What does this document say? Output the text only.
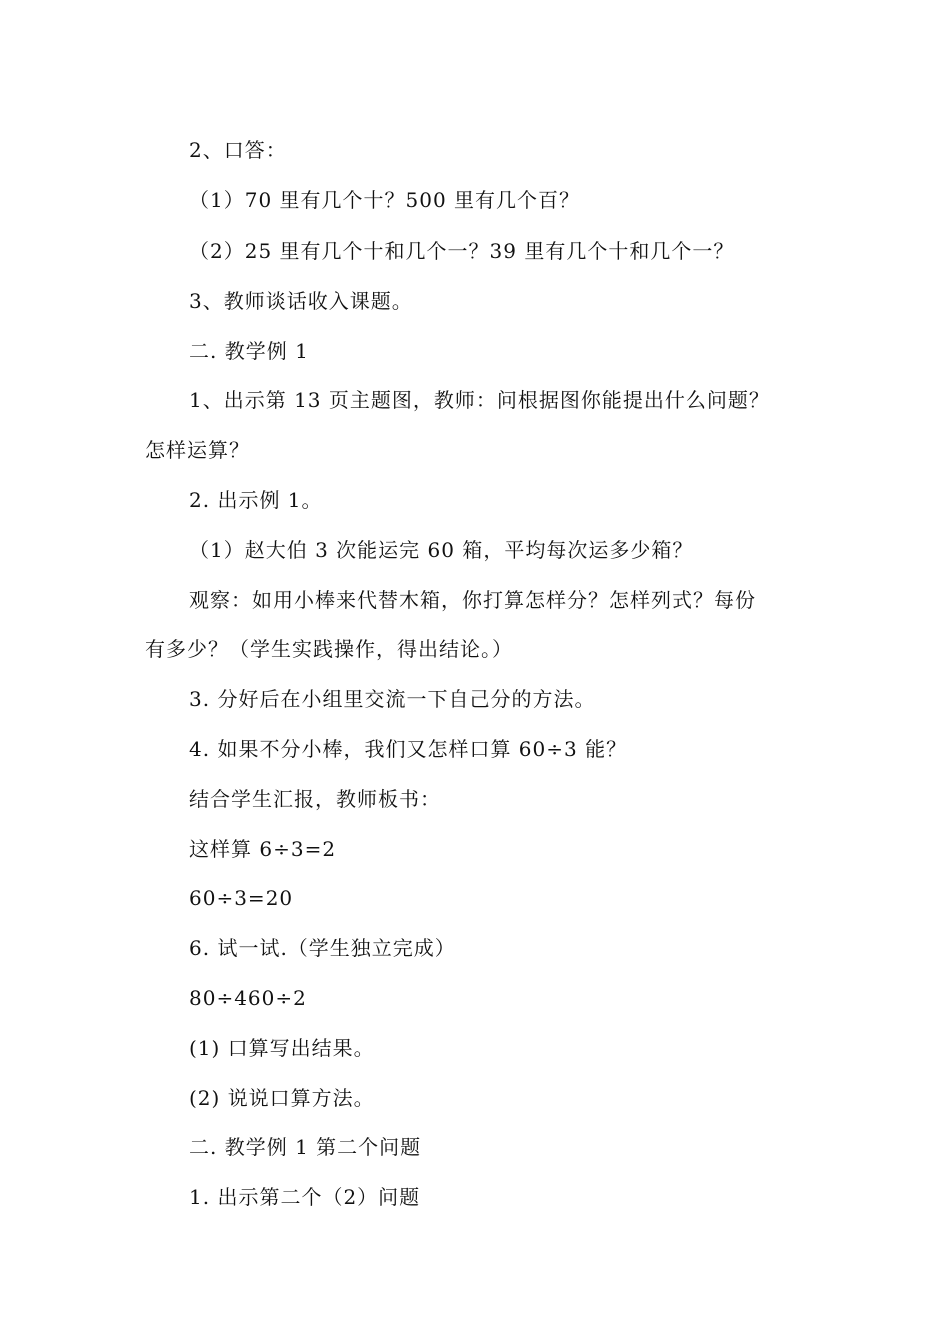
2、口答：
（1）70 里有几个十？500 里有几个百？
（2）25 里有几个十和几个一？39 里有几个十和几个一？
3、教师谈话收入课题。
二. 教学例 1
1、出示第 13 页主题图，教师：问根据图你能提出什么问题？
怎样运算？
2. 出示例 1。
（1）赵大伯 3 次能运完 60 箱，平均每次运多少箱？
观察：如用小棒来代替木箱，你打算怎样分？怎样列式？每份
有多少？（学生实践操作，得出结论。）
3. 分好后在小组里交流一下自己分的方法。
4. 如果不分小棒，我们又怎样口算 60÷3 能？
结合学生汇报，教师板书：
这样算 6÷3=2
60÷3=20
6. 试一试.（学生独立完成）
80÷460÷2
(1) 口算写出结果。
(2) 说说口算方法。
二. 教学例 1 第二个问题
1. 出示第二个（2）问题
